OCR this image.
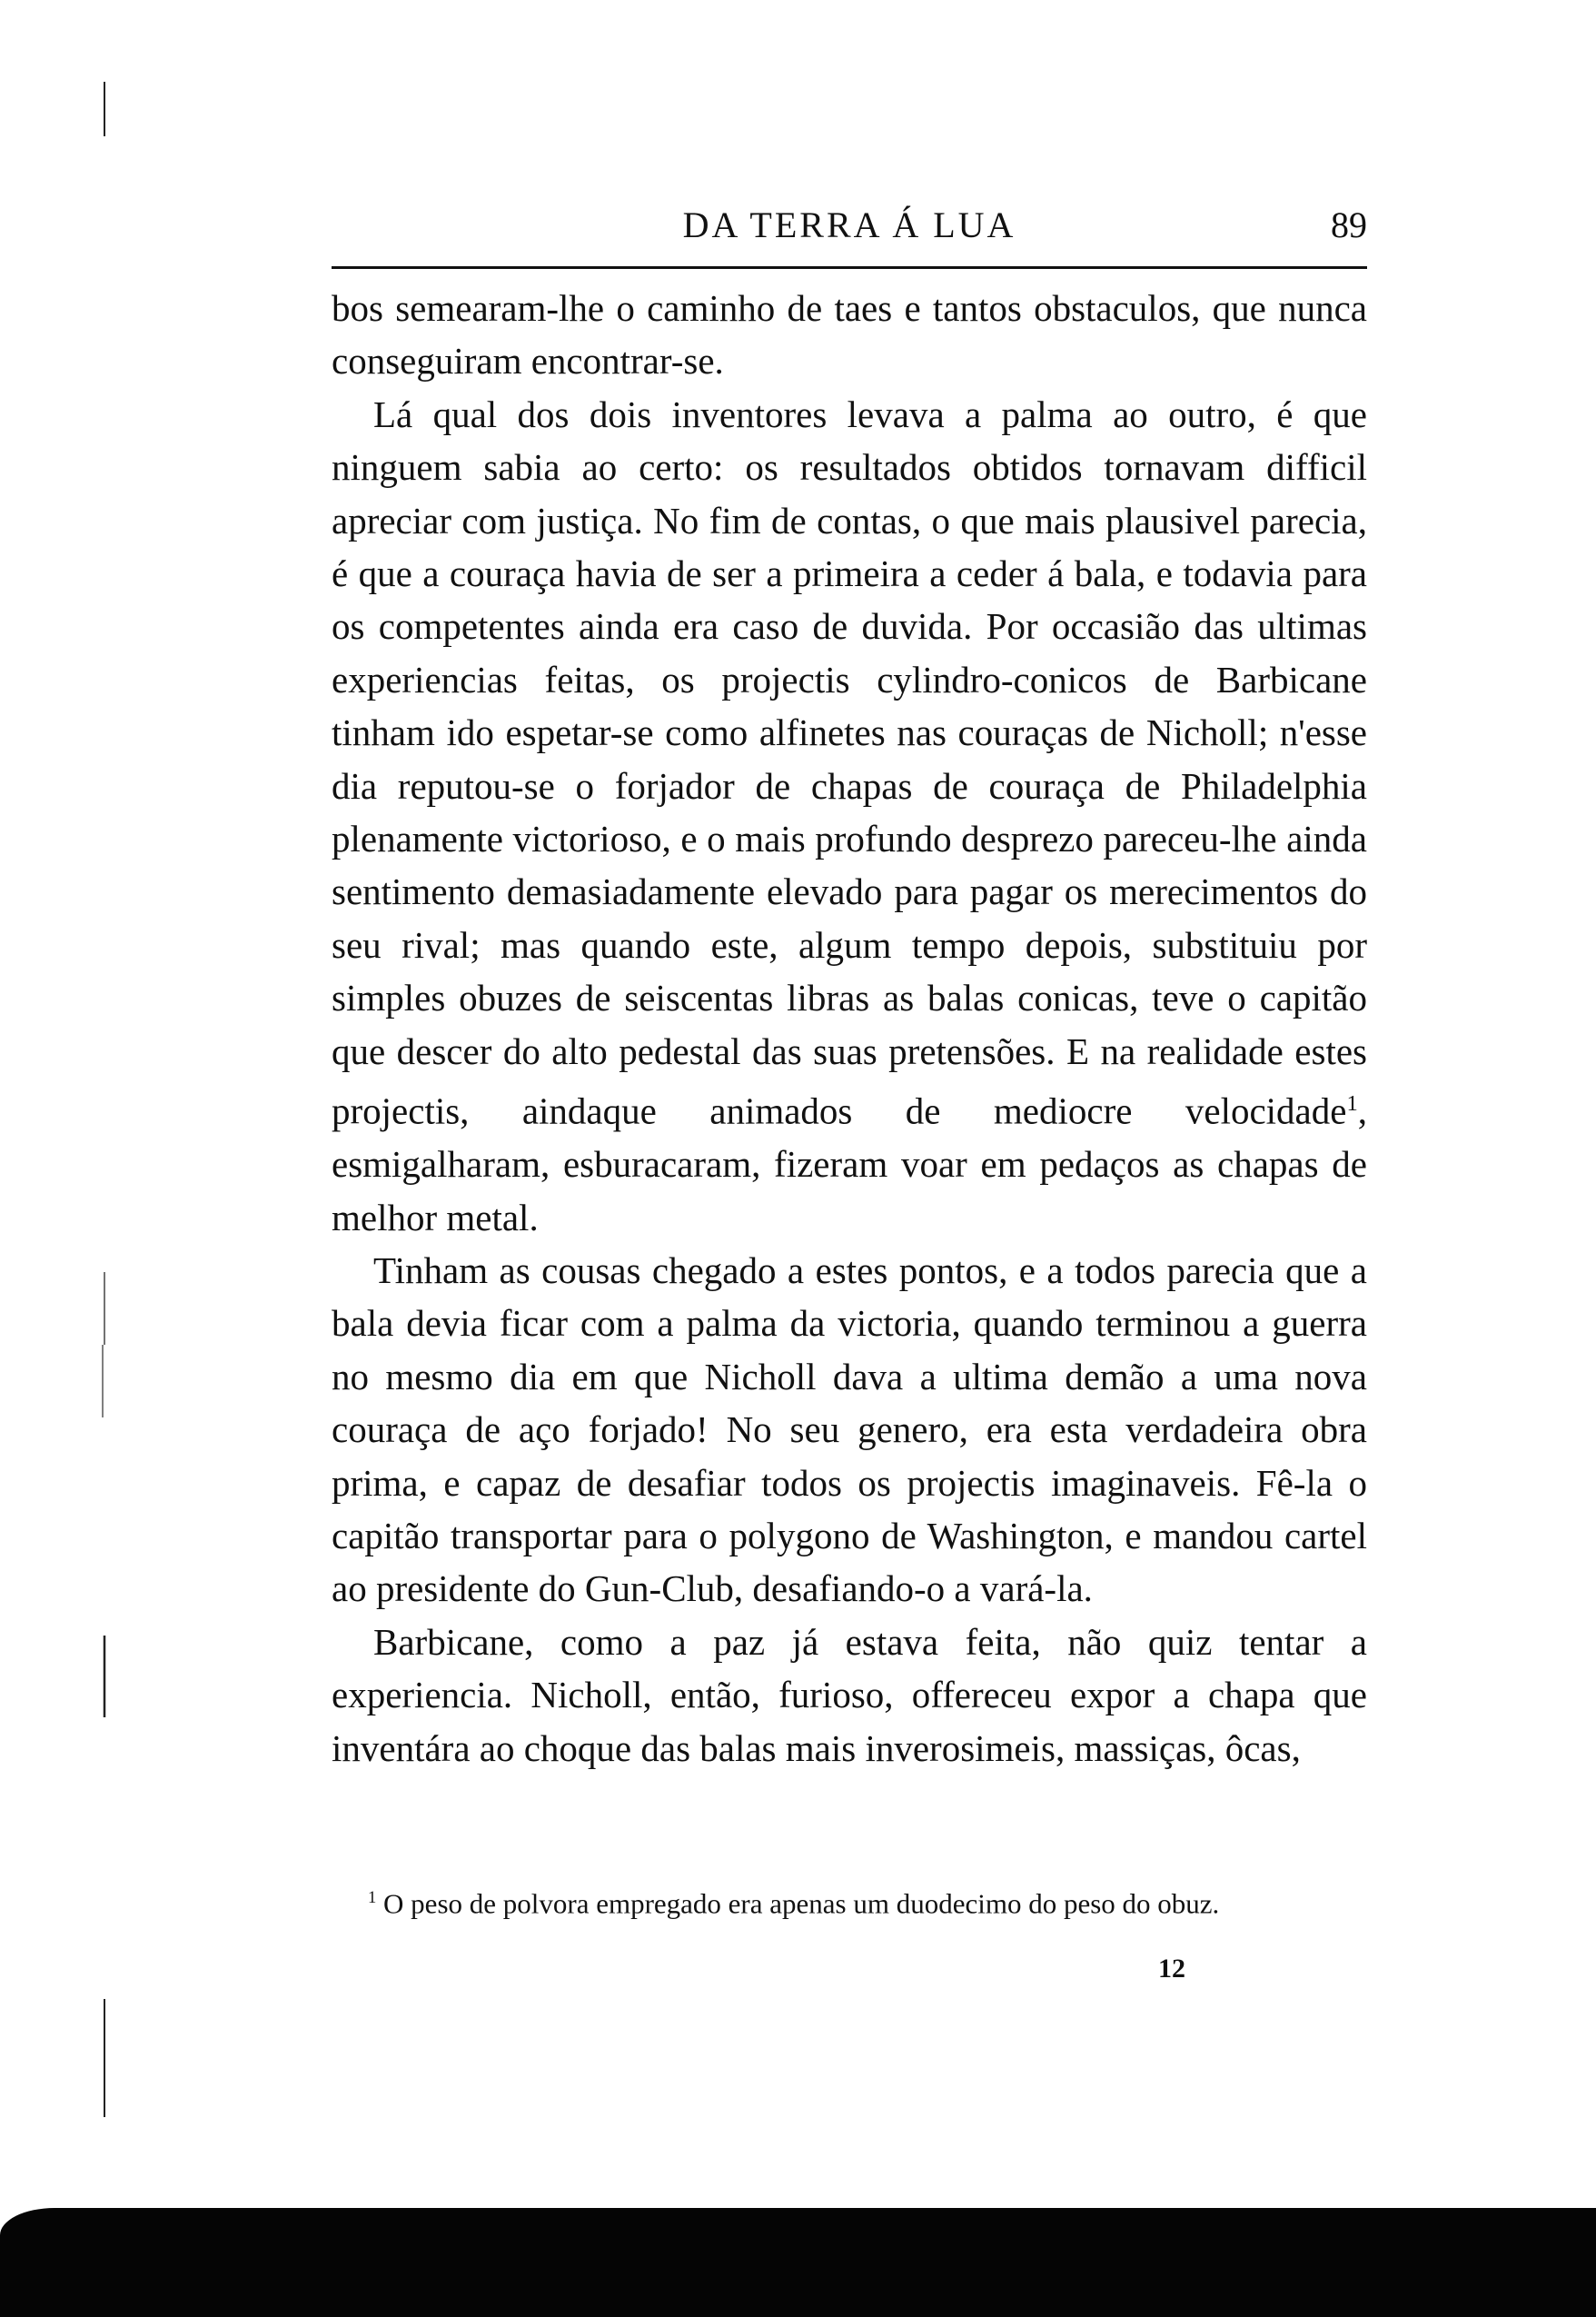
DA TERRA Á LUA	89

bos semearam-lhe o caminho de taes e tantos obstaculos, que nunca conseguiram encontrar-se.

Lá qual dos dois inventores levava a palma ao outro, é que ninguem sabia ao certo: os resultados obtidos tornavam difficil apreciar com justiça. No fim de contas, o que mais plausivel parecia, é que a couraça havia de ser a primeira a ceder á bala, e todavia para os competentes ainda era caso de duvida. Por occasião das ultimas experiencias feitas, os projectis cylindro-conicos de Barbicane tinham ido espetar-se como alfinetes nas couraças de Nicholl; n'esse dia reputou-se o forjador de chapas de couraça de Philadelphia plenamente victorioso, e o mais profundo desprezo pareceu-lhe ainda sentimento demasiadamente elevado para pagar os merecimentos do seu rival; mas quando este, algum tempo depois, substituiu por simples obuzes de seiscentas libras as balas conicas, teve o capitão que descer do alto pedestal das suas pretensões. E na realidade estes projectis, aindaque animados de mediocre velocidade$^1$, esmigalharam, esburacaram, fizeram voar em pedaços as chapas de melhor metal.

Tinham as cousas chegado a estes pontos, e a todos parecia que a bala devia ficar com a palma da victoria, quando terminou a guerra no mesmo dia em que Nicholl dava a ultima demão a uma nova couraça de aço forjado! No seu genero, era esta verdadeira obra prima, e capaz de desafiar todos os projectis imaginaveis. Fê-la o capitão transportar para o polygono de Washington, e mandou cartel ao presidente do Gun-Club, desafiando-o a vará-la.

Barbicane, como a paz já estava feita, não quiz tentar a experiencia. Nicholl, então, furioso, offereceu expor a chapa que inventára ao choque das balas mais inverosimeis, massiças, ôcas,

$^1$ O peso de polvora empregado era apenas um duodecimo do peso do obuz.

12
